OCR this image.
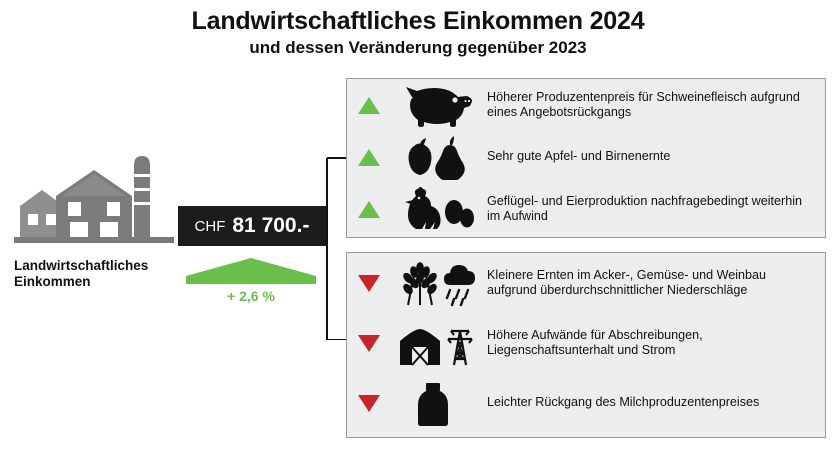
Landwirtschaftliches Einkommen 2024
und dessen Veränderung gegenüber 2023
Landwirtschaftliches Einkommen
CHF 81 700.-
+ 2,6 %
Höherer Produzentenpreis für Schweinefleisch aufgrund eines Angebotsrückgangs
Sehr gute Apfel- und Birnenernte
Geflügel- und Eierproduktion nachfragebedingt weiterhin im Aufwind
Kleinere Ernten im Acker-, Gemüse- und Weinbau aufgrund überdurchschnittlicher Niederschläge
Höhere Aufwände für Abschreibungen, Liegenschaftsunterhalt und Strom
Leichter Rückgang des Milchproduzentenpreises
